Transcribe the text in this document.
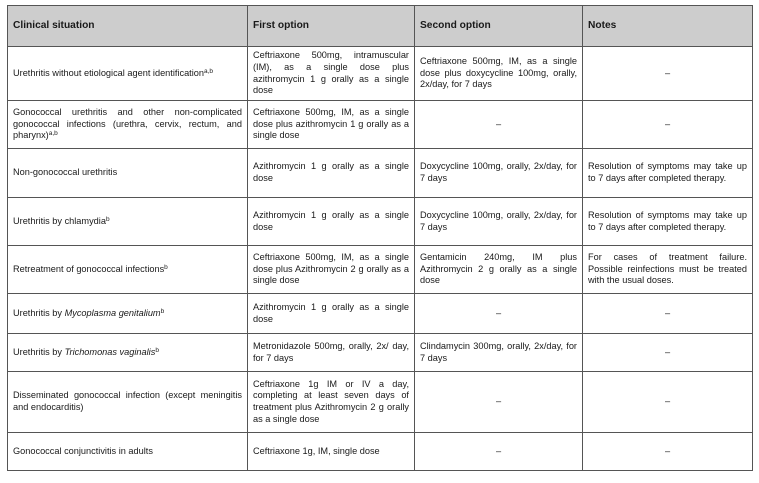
Clinical situation	First option	Second option	Notes
Urethritis without etiological agent identification$^{a,b}$	Ceftriaxone 500mg, intramuscular (IM), as a single dose plus azithromycin 1 g orally as a single dose	Ceftriaxone 500mg, IM, as a single dose plus doxycycline 100mg, orally, 2x/day, for 7 days	–
Gonococcal urethritis and other non-complicated gonococcal infections (urethra, cervix, rectum, and pharynx)$^{a,b}$	Ceftriaxone 500mg, IM, as a single dose plus azithromycin 1 g orally as a single dose	–	–
Non-gonococcal urethritis	Azithromycin 1 g orally as a single dose	Doxycycline 100mg, orally, 2x/day, for 7 days	Resolution of symptoms may take up to 7 days after completed therapy.
Urethritis by chlamydia$^b$	Azithromycin 1 g orally as a single dose	Doxycycline 100mg, orally, 2x/day, for 7 days	Resolution of symptoms may take up to 7 days after completed therapy.
Retreatment of gonococcal infections$^b$	Ceftriaxone 500mg, IM, as a single dose plus Azithromycin 2 g orally as a single dose	Gentamicin 240mg, IM plus Azithromycin 2 g orally as a single dose	For cases of treatment failure. Possible reinfections must be treated with the usual doses.
Urethritis by Mycoplasma genitalium$^b$	Azithromycin 1 g orally as a single dose	–	–
Urethritis by Trichomonas vaginalis$^b$	Metronidazole 500mg, orally, 2x/ day, for 7 days	Clindamycin 300mg, orally, 2x/day, for 7 days	–
Disseminated gonococcal infection (except meningitis and endocarditis)	Ceftriaxone 1g IM or IV a day, completing at least seven days of treatment plus Azithromycin 2 g orally as a single dose	–	–
Gonococcal conjunctivitis in adults	Ceftriaxone 1g, IM, single dose	–	–
